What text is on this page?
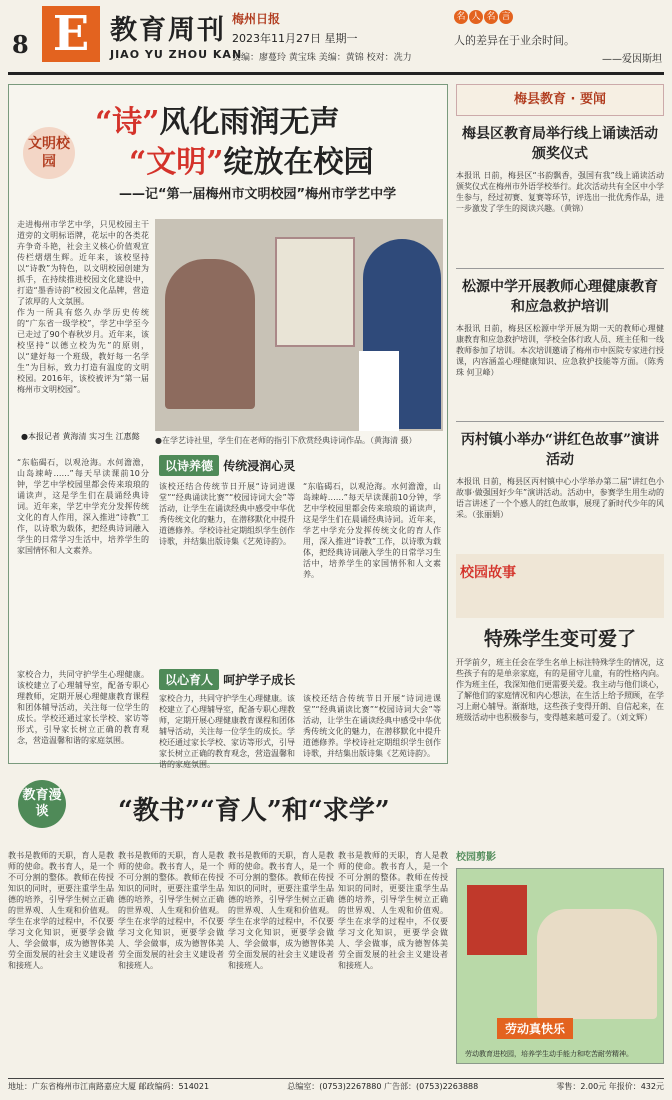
8 E 教育周刊
JIAO YU ZHOU KAN
梅州日报
2023年11月27日 星期一
责编：廖蔓玲 黄宝珠 美编：黄锦 校对：冼力
名 人 名 言
人的差异在于业余时间。
——爱因斯坦
文明校园
“诗”风化雨润无声
“文明”绽放在校园
——记“第一届梅州市文明校园”梅州市学艺中学

走进梅州市学艺中学，只见校园主干道旁的文明标语牌，花坛中的各类花卉争奇斗艳，社会主义核心价值观宣传栏熠熠生辉。近年来，该校坚持以“诗教”为特色，以文明校园创建为抓手，在持续推进校园文化建设中，打造“墨香诗韵”校园文化品牌，营造了浓厚的人文氛围。

作为一所具有悠久办学历史传统的“广东省一级学校”，学艺中学至今已走过了90个春秋岁月。近年来，该校坚持“以德立校为先”的原则，以“建好每一个班级，教好每一名学生”为目标，致力打造有温度的文明校园。2016年，该校被评为“第一届梅州市文明校园”。

●本报记者 黄海清 实习生 江惠懿 ●在学艺诗社里，学生们在老师的指引下欣赏经典诗词作品。（黄海清 摄）
“东临碣石，以观沧海。水何澹澹，山岛竦峙……”每天早读课前10分钟，学艺中学校园里都会传来琅琅的诵读声，这是学生们在晨诵经典诗词。近年来，学艺中学充分发挥传统文化的育人作用，深入推进“诗教”工作，以诗歌为载体，把经典诗词融入学生的日常学习生活中，培养学生的家国情怀和人文素养。
以诗养德 传统浸润心灵
该校还结合传统节日开展“诗词进课堂”“经典诵读比赛”“校园诗词大会”等活动，让学生在诵读经典中感受中华优秀传统文化的魅力，在潜移默化中提升道德修养。学校诗社定期组织学生创作诗歌，并结集出版诗集《艺苑诗韵》。
“东临碣石，以观沧海。水何澹澹，山岛竦峙……”每天早读课前10分钟，学艺中学校园里都会传来琅琅的诵读声，这是学生们在晨诵经典诗词。近年来，学艺中学充分发挥传统文化的育人作用，深入推进“诗教”工作，以诗歌为载体，把经典诗词融入学生的日常学习生活中，培养学生的家国情怀和人文素养。
以心育人 呵护学子成长
家校合力，共同守护学生心理健康。该校建立了心理辅导室，配备专职心理教师，定期开展心理健康教育课程和团体辅导活动，关注每一位学生的成长。学校还通过家长学校、家访等形式，引导家长树立正确的教育观念，营造温馨和谐的家庭氛围。
家校合力，共同守护学生心理健康。该校建立了心理辅导室，配备专职心理教师，定期开展心理健康教育课程和团体辅导活动，关注每一位学生的成长。学校还通过家长学校、家访等形式，引导家长树立正确的教育观念，营造温馨和谐的家庭氛围。
该校还结合传统节日开展“诗词进课堂”“经典诵读比赛”“校园诗词大会”等活动，让学生在诵读经典中感受中华优秀传统文化的魅力，在潜移默化中提升道德修养。学校诗社定期组织学生创作诗歌，并结集出版诗集《艺苑诗韵》。
梅县教育 · 要闻
梅县区教育局举行线上诵读活动颁奖仪式
本报讯 日前，梅县区“书韵飘香，强国有我”线上诵读活动颁奖仪式在梅州市外语学校举行。此次活动共有全区中小学生参与，经过初赛、复赛等环节，评选出一批优秀作品，进一步激发了学生的阅读兴趣。（黄锦）
松源中学开展教师心理健康教育和应急救护培训
本报讯 日前，梅县区松源中学开展为期一天的教师心理健康教育和应急救护培训，学校全体行政人员、班主任和一线教师参加了培训。本次培训邀请了梅州市中医院专家进行授课，内容涵盖心理健康知识、应急救护技能等方面。（陈秀珠 何卫峰）
丙村镇小举办“讲红色故事”演讲活动
本报讯 日前，梅县区丙村镇中心小学举办第二届“讲红色小故事·做强国好少年”演讲活动。活动中，参赛学生用生动的语言讲述了一个个感人的红色故事，展现了新时代少年的风采。（张丽娟）
校园故事
特殊学生变可爱了
开学前夕，班主任会在学生名单上标注特殊学生的情况，这些孩子有的是单亲家庭，有的是留守儿童，有的性格内向。作为班主任，我深知他们更需要关爱。我主动与他们谈心，了解他们的家庭情况和内心想法，在生活上给予照顾，在学习上耐心辅导。渐渐地，这些孩子变得开朗、自信起来，在班级活动中也积极参与，变得越来越可爱了。（刘文辉）
教育漫谈	“教书”“育人”和“求学”
教书是教师的天职，育人是教师的使命。教书育人，是一个不可分割的整体。教师在传授知识的同时，更要注重学生品德的培养，引导学生树立正确的世界观、人生观和价值观。学生在求学的过程中，不仅要学习文化知识，更要学会做人、学会做事，成为德智体美劳全面发展的社会主义建设者和接班人。
教书是教师的天职，育人是教师的使命。教书育人，是一个不可分割的整体。教师在传授知识的同时，更要注重学生品德的培养，引导学生树立正确的世界观、人生观和价值观。学生在求学的过程中，不仅要学习文化知识，更要学会做人、学会做事，成为德智体美劳全面发展的社会主义建设者和接班人。
教书是教师的天职，育人是教师的使命。教书育人，是一个不可分割的整体。教师在传授知识的同时，更要注重学生品德的培养，引导学生树立正确的世界观、人生观和价值观。学生在求学的过程中，不仅要学习文化知识，更要学会做人、学会做事，成为德智体美劳全面发展的社会主义建设者和接班人。
教书是教师的天职，育人是教师的使命。教书育人，是一个不可分割的整体。教师在传授知识的同时，更要注重学生品德的培养，引导学生树立正确的世界观、人生观和价值观。学生在求学的过程中，不仅要学习文化知识，更要学会做人、学会做事，成为德智体美劳全面发展的社会主义建设者和接班人。
校园剪影
劳动真快乐
劳动教育进校园，培养学生动手能力和吃苦耐劳精神。
地址：广东省梅州市江南路嘉应大厦 邮政编码：514021	总编室：(0753)2267880 广告部：(0753)2263888	零售：2.00元 年报价：432元
